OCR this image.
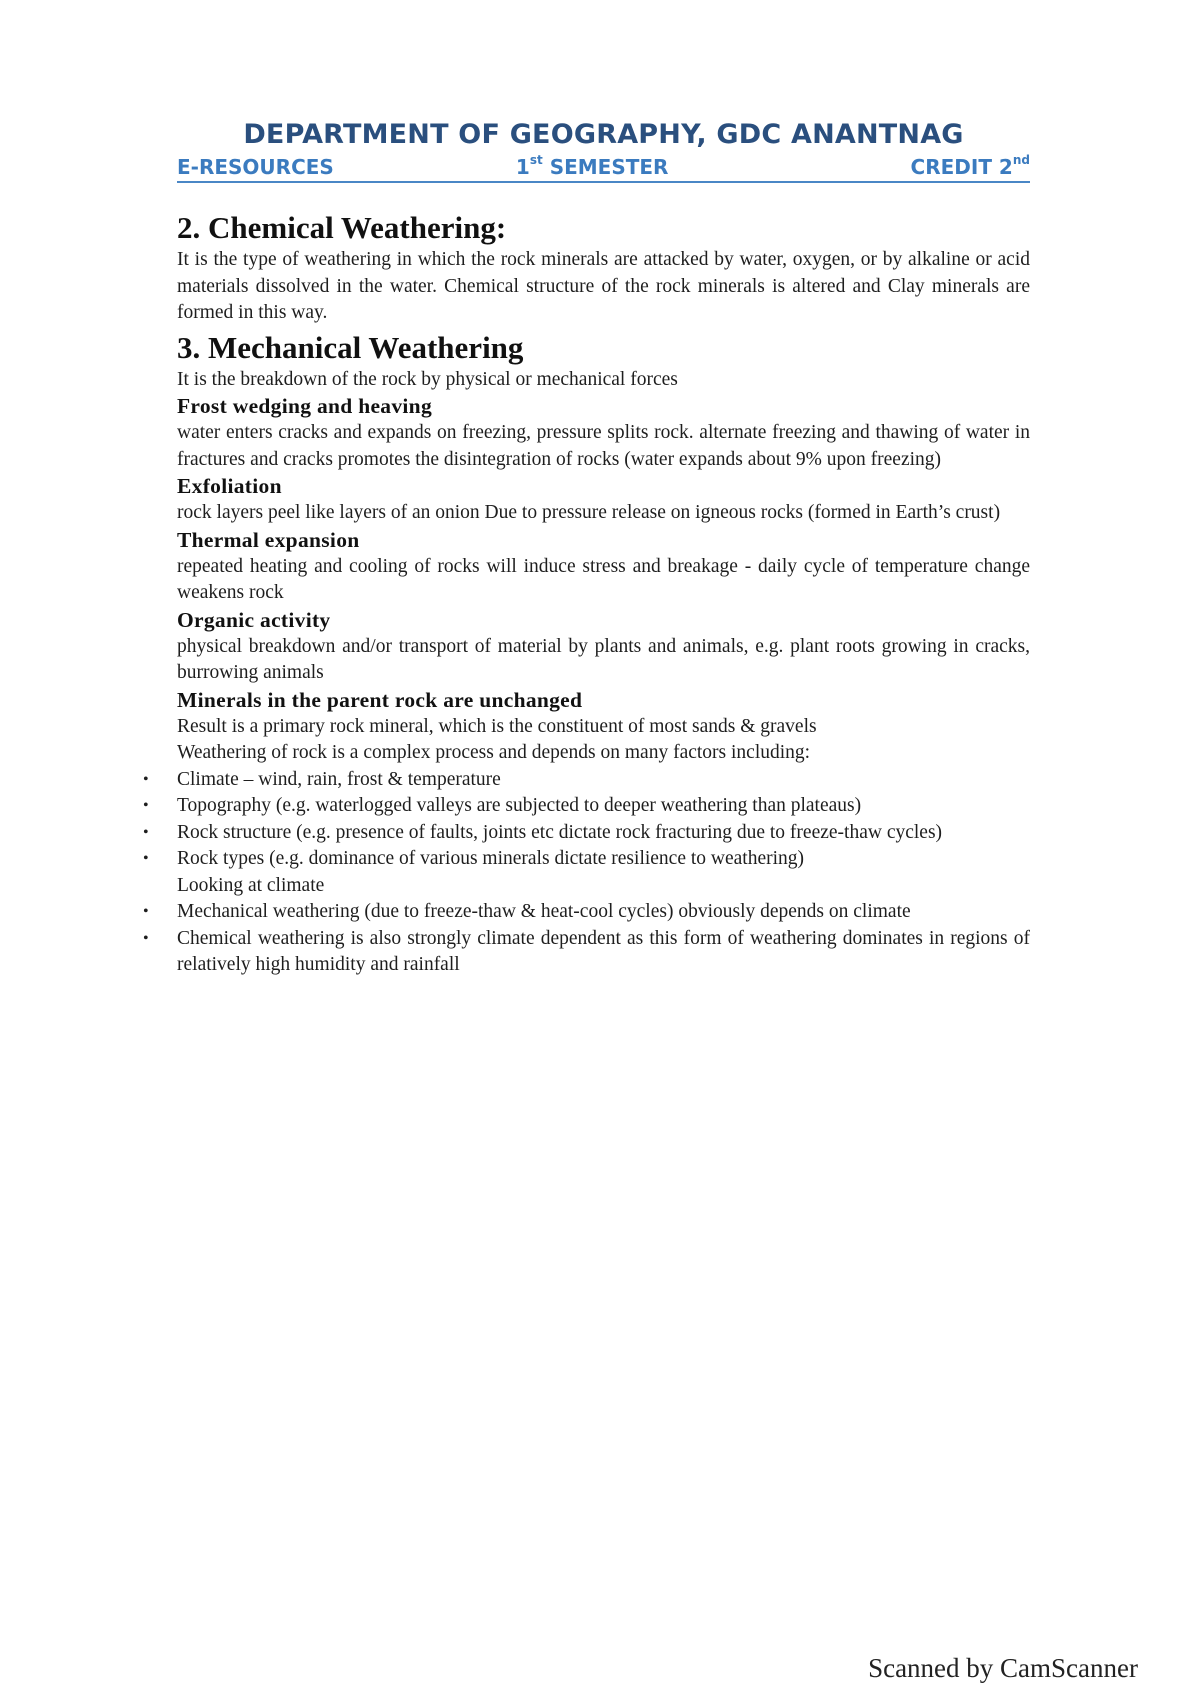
DEPARTMENT OF GEOGRAPHY, GDC ANANTNAG
E-RESOURCES	1st SEMESTER	CREDIT 2nd
2. Chemical Weathering:

It is the type of weathering in which the rock minerals are attacked by water, oxygen, or by alkaline or acid materials dissolved in the water. Chemical structure of the rock minerals is altered and Clay minerals are formed in this way.

3. Mechanical Weathering

It is the breakdown of the rock by physical or mechanical forces

Frost wedging and heaving

water enters cracks and expands on freezing, pressure splits rock. alternate freezing and thawing of water in fractures and cracks promotes the disintegration of rocks (water expands about 9% upon freezing)

Exfoliation

rock layers peel like layers of an onion Due to pressure release on igneous rocks (formed in Earth’s crust)

Thermal expansion

repeated heating and cooling of rocks will induce stress and breakage - daily cycle of temperature change weakens rock

Organic activity

physical breakdown and/or transport of material by plants and animals, e.g. plant roots growing in cracks, burrowing animals

Minerals in the parent rock are unchanged

Result is a primary rock mineral, which is the constituent of most sands & gravels

Weathering of rock is a complex process and depends on many factors including:

• Climate – wind, rain, frost & temperature
• Topography (e.g. waterlogged valleys are subjected to deeper weathering than plateaus)
• Rock structure (e.g. presence of faults, joints etc dictate rock fracturing due to freeze-thaw cycles)
• Rock types (e.g. dominance of various minerals dictate resilience to weathering)

Looking at climate

• Mechanical weathering (due to freeze-thaw & heat-cool cycles) obviously depends on climate
• Chemical weathering is also strongly climate dependent as this form of weathering dominates in regions of relatively high humidity and rainfall
Scanned by CamScanner
